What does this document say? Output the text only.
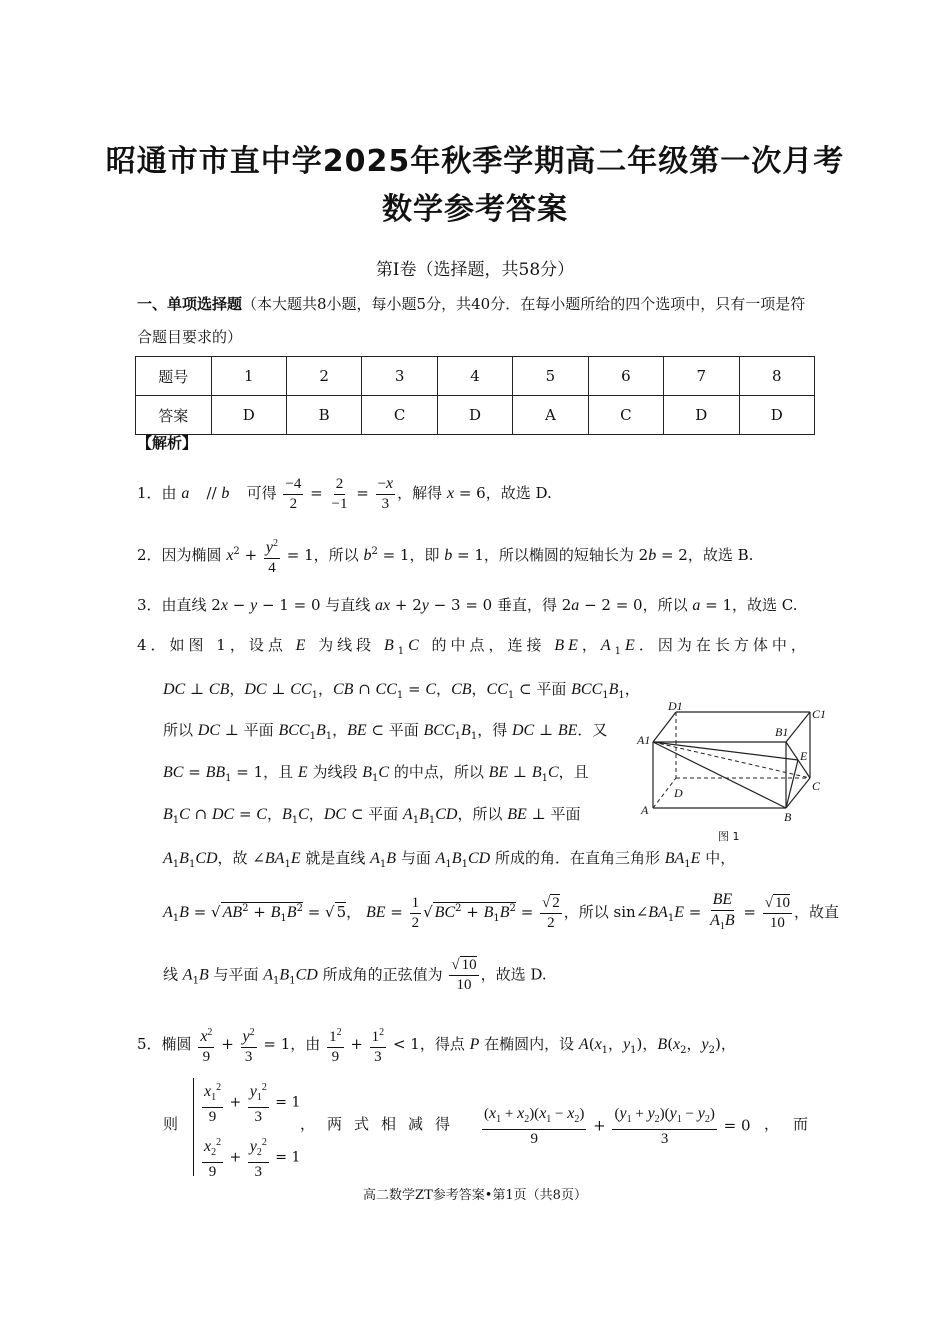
昭通市市直中学2025年秋季学期高二年级第一次月考
数学参考答案
第Ⅰ卷（选择题，共58分）
一、单项选择题（本大题共8小题，每小题5分，共40分．在每小题所给的四个选项中，只有一项是符合题目要求的）
题号	1	2	3	4	5	6	7	8
答案	D	B	C	D	A	C	D	D
【解析】
1．由 a⃗ // b⃗ 可得 $\frac{-4}{2} = \frac{2}{-1} = \frac{-x}{3}$ ，解得 x = 6，故选 D.
2．因为椭圆 $x^2 + \frac{y^2}{4} = 1$，所以 $b^2 = 1$，即 b = 1，所以椭圆的短轴长为 2b = 2，故选 B.
3．由直线 2x − y − 1 = 0 与直线 ax + 2y − 3 = 0 垂直，得 2a − 2 = 0，所以 a = 1，故选 C.
4．如图 1，设点 E 为线段 $B_1C$ 的中点，连接 BE，$A_1E$．因为在长方体中，
DC ⊥ CB，DC ⊥ $CC_1$，CB ∩ $CC_1 = C$，CB，$CC_1$ ⊂ 平面 $BCC_1B_1$，
所以 DC ⊥ 平面 $BCC_1B_1$，BE ⊂ 平面 $BCC_1B_1$，得 DC ⊥ BE．又
BC = $BB_1 = 1$，且 E 为线段 $B_1C$ 的中点，所以 BE ⊥ $B_1C$，且
$B_1C$ ∩ DC = C，$B_1C$，DC ⊂ 平面 $A_1B_1CD$，所以 BE ⊥ 平面
$A_1B_1CD$，故 $\angle BA_1E$ 就是直线 $A_1B$ 与面 $A_1B_1CD$ 所成的角．在直角三角形 $BA_1E$ 中，
$A_1B$ = √ $AB^2 + B_1B^2$ = √ 5， BE = $\frac{1}{2}$ √ $BC^2 + B_1B^2 = \frac{√ 2}{2}$ ，所以 $\sin\angle BA_1E = \frac{BE}{A_1B} = \frac{√ 10}{10}$ ，故直
线 $A_1B$ 与平面 $A_1B_1CD$ 所成角的正弦值为 $\frac{√ 10}{10}$ ，故选 D.
D1
C1
A1
B1
E
D	C
A	B
图 1
5．椭圆 $\frac{x^2}{9} + \frac{y^2}{3} = 1$，由 $\frac{1^2}{9} + \frac{1^2}{3} < 1$，得点 P 在椭圆内，设 $A(x_1$，$y_1$)，$B(x_2$，$y_2$)，
则 $\frac{x_1^2}{9} + \frac{y_1^2}{3} = 1$
$\frac{x_2^2}{9} + \frac{y_2^2}{3} = 1$
，两式相减得 $\frac{(x_1 + x_2)(x_1 - x_2)}{9} + \frac{(y_1 + y_2)(y_1 - y_2)}{3} = 0$ ，而
高二数学ZT参考答案•第1页（共8页）
